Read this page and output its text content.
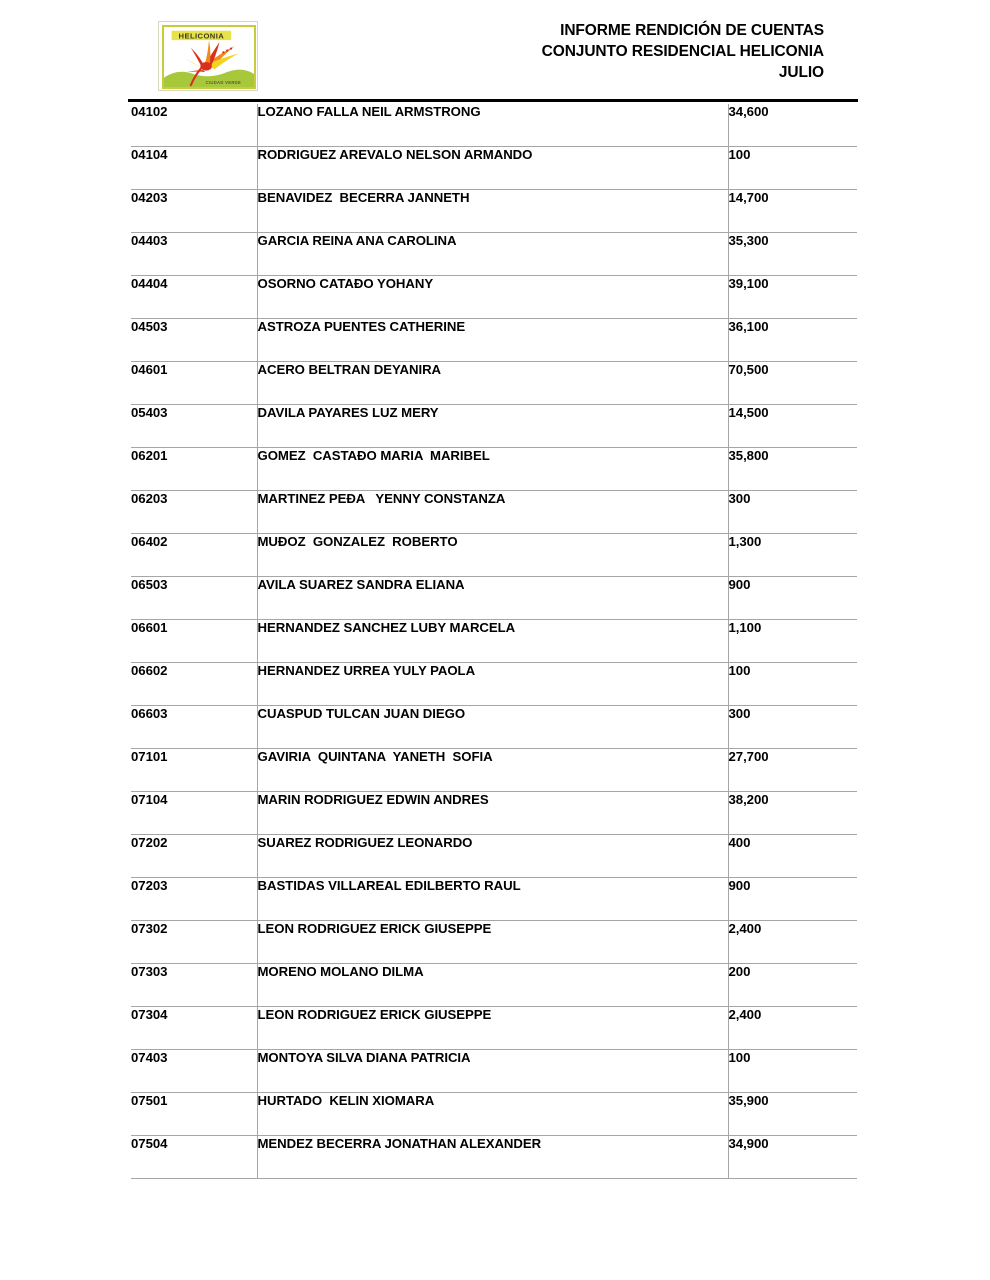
HELICONIA
CIUDAD VERDE
INFORME RENDICIÓN DE CUENTAS
CONJUNTO RESIDENCIAL HELICONIA
JULIO
04102	LOZANO FALLA NEIL ARMSTRONG	34,600
04104	RODRIGUEZ AREVALO NELSON ARMANDO	100
04203	BENAVIDEZ  BECERRA JANNETH	14,700
04403	GARCIA REINA ANA CAROLINA	35,300
04404	OSORNO CATAĐO YOHANY	39,100
04503	ASTROZA PUENTES CATHERINE	36,100
04601	ACERO BELTRAN DEYANIRA	70,500
05403	DAVILA PAYARES LUZ MERY	14,500
06201	GOMEZ  CASTAĐO MARIA  MARIBEL	35,800
06203	MARTINEZ PEĐA   YENNY CONSTANZA	300
06402	MUĐOZ  GONZALEZ  ROBERTO	1,300
06503	AVILA SUAREZ SANDRA ELIANA	900
06601	HERNANDEZ SANCHEZ LUBY MARCELA	1,100
06602	HERNANDEZ URREA YULY PAOLA	100
06603	CUASPUD TULCAN JUAN DIEGO	300
07101	GAVIRIA  QUINTANA  YANETH  SOFIA	27,700
07104	MARIN RODRIGUEZ EDWIN ANDRES	38,200
07202	SUAREZ RODRIGUEZ LEONARDO	400
07203	BASTIDAS VILLAREAL EDILBERTO RAUL	900
07302	LEON RODRIGUEZ ERICK GIUSEPPE	2,400
07303	MORENO MOLANO DILMA	200
07304	LEON RODRIGUEZ ERICK GIUSEPPE	2,400
07403	MONTOYA SILVA DIANA PATRICIA	100
07501	HURTADO  KELIN XIOMARA	35,900
07504	MENDEZ BECERRA JONATHAN ALEXANDER	34,900
